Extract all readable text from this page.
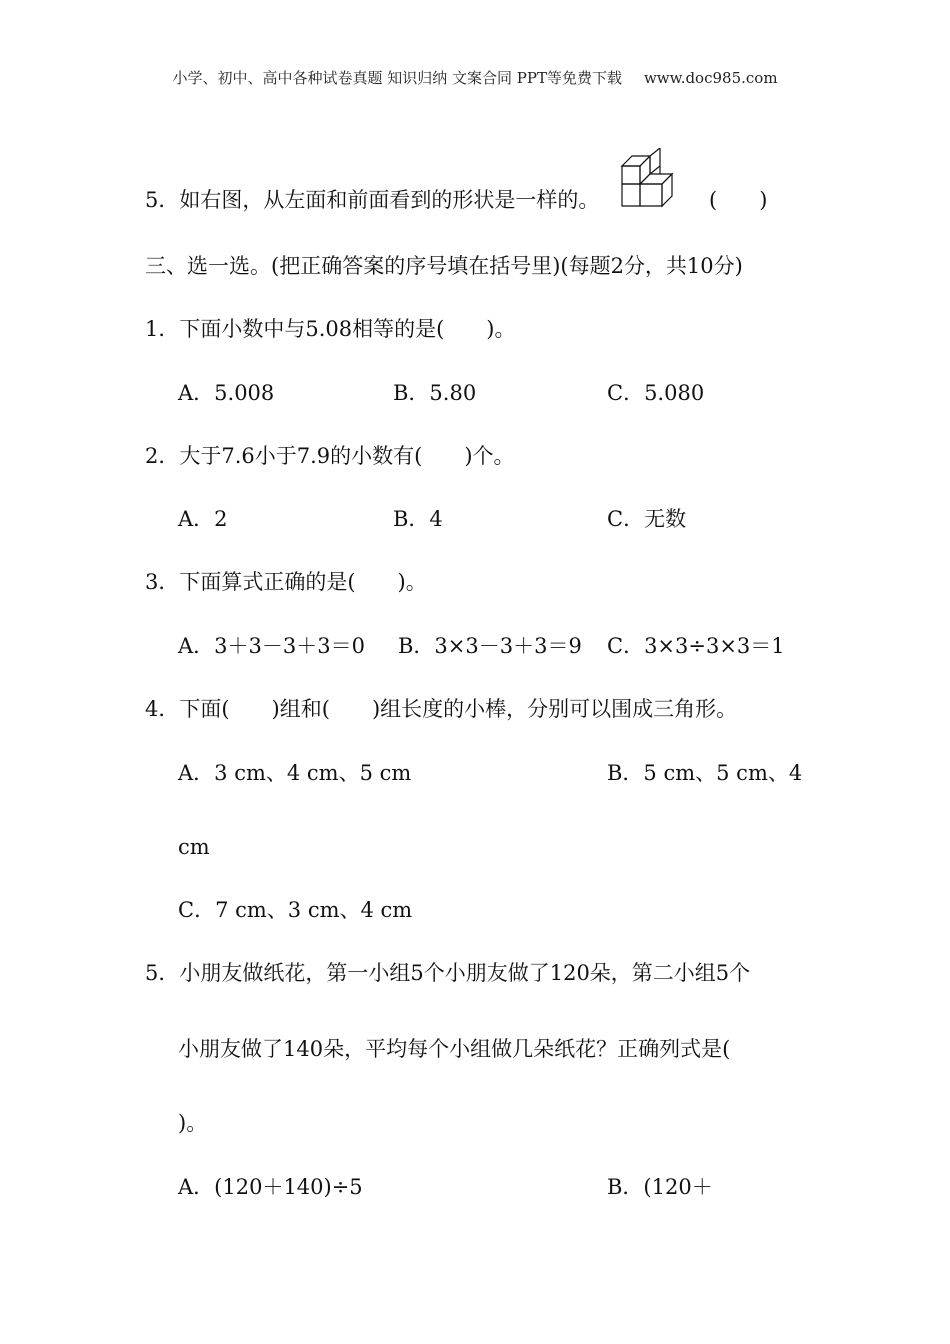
小学、初中、高中各种试卷真题 知识归纳 文案合同 PPT等免费下载 www.doc985.com
5．如右图，从左面和前面看到的形状是一样的。	(　　)
三、选一选。(把正确答案的序号填在括号里)(每题2分，共10分)
1．下面小数中与5.08相等的是(　　)。
A．5.008	B．5.80	C．5.080
2．大于7.6小于7.9的小数有(　　)个。
A．2	B．4	C．无数
3．下面算式正确的是(　　)。
A．3＋3－3＋3＝0 B．3×3－3＋3＝9 C．3×3÷3×3＝1
4．下面(　　)组和(　　)组长度的小棒，分别可以围成三角形。
A．3 cm、4 cm、5 cm	B．5 cm、5 cm、4
cm
C．7 cm、3 cm、4 cm
5．小朋友做纸花，第一小组5个小朋友做了120朵，第二小组5个
小朋友做了140朵，平均每个小组做几朵纸花？正确列式是(
)。
A．(120＋140)÷5	B．(120＋
